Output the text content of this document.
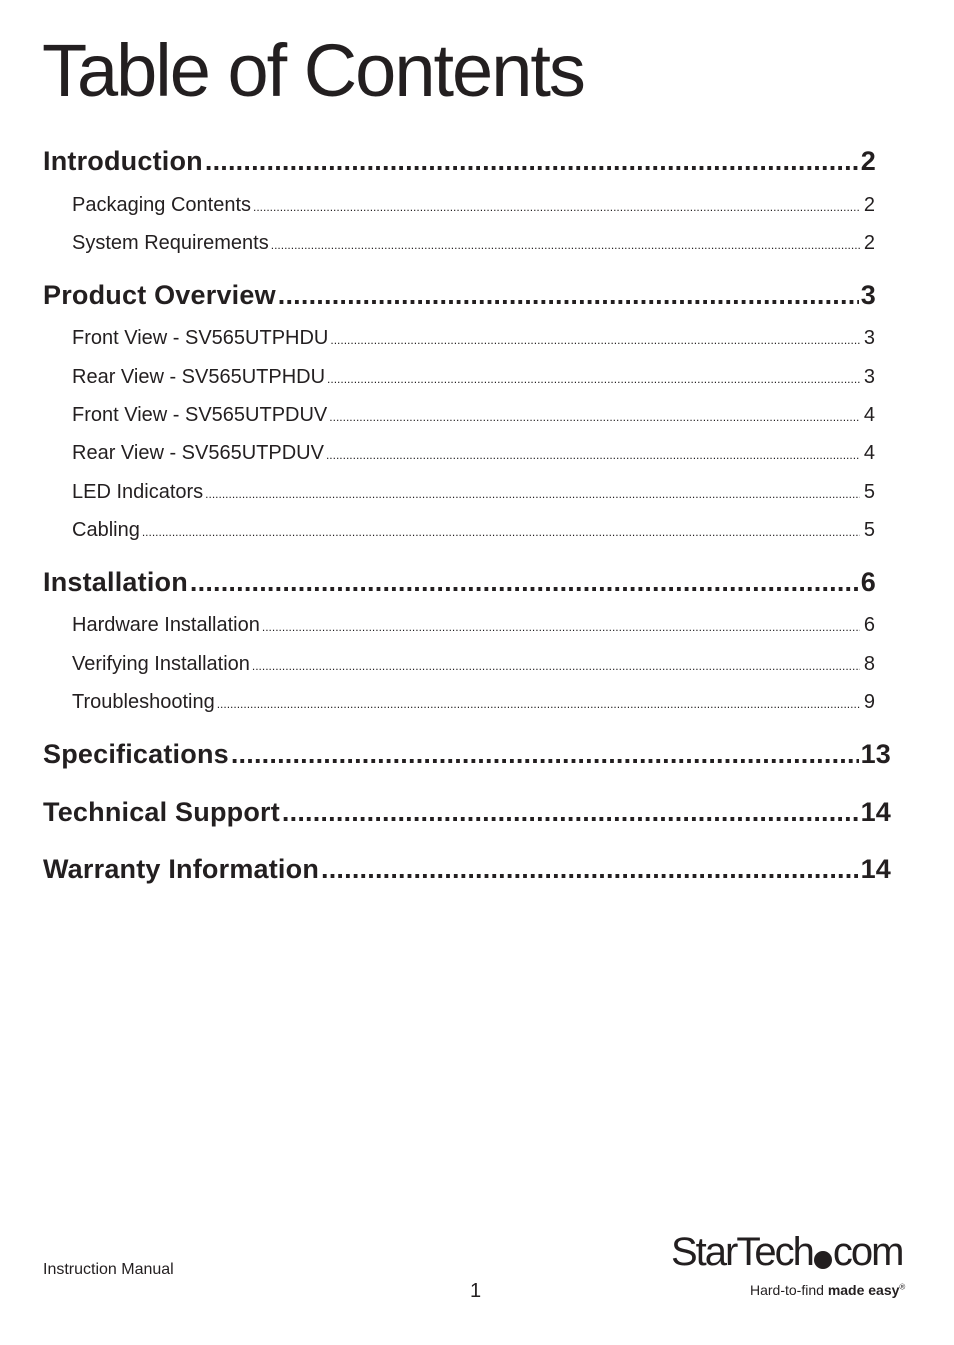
Table of Contents
Introduction .....	2
Packaging Contents .....	2
System Requirements .....	2
Product Overview .....	3
Front View - SV565UTPHDU .....	3
Rear View - SV565UTPHDU .....	3
Front View - SV565UTPDUV .....	4
Rear View - SV565UTPDUV .....	4
LED Indicators .....	5
Cabling .....	5
Installation .....	6
Hardware Installation .....	6
Verifying Installation .....	8
Troubleshooting .....	9
Specifications .....	13
Technical Support .....	14
Warranty Information .....	14
Instruction Manual
1
StarTech com
Hard-to-find made easy®
